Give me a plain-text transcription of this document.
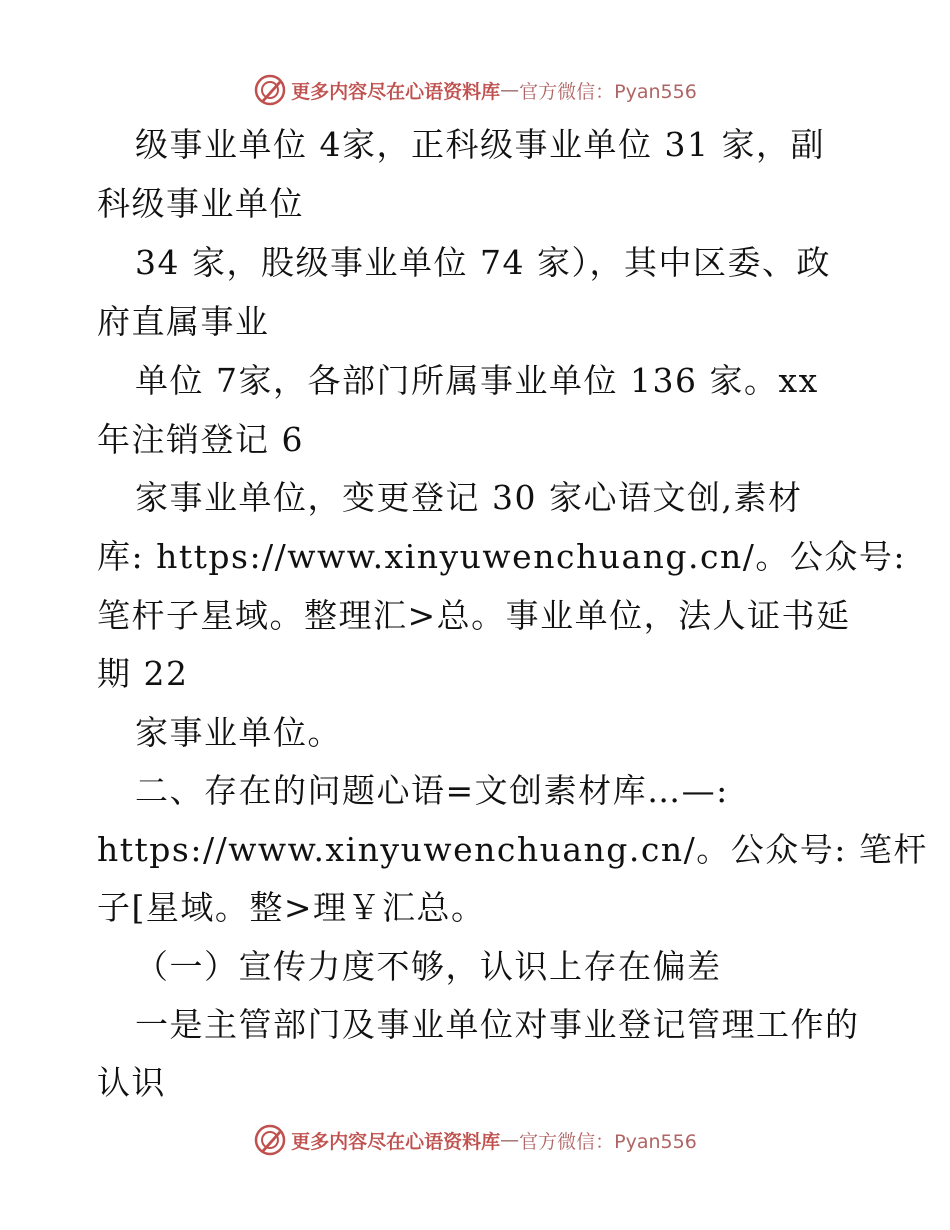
更多内容尽在心语资料库 — 官方微信：Pyan556
级事业单位 4家，正科级事业单位 31 家，副
科级事业单位
34 家，股级事业单位 74 家），其中区委、政
府直属事业
单位 7家，各部门所属事业单位 136 家。xx
年注销登记 6
家事业单位，变更登记 30 家心语文创,素材
库: https://www.xinyuwenchuang.cn/。公众号:
笔杆子星域。整理汇>总。事业单位，法人证书延
期 22
家事业单位。
二、存在的问题心语=文创素材库…—:
https://www.xinyuwenchuang.cn/。公众号: 笔杆
子[星域。整>理￥汇总。
（一）宣传力度不够，认识上存在偏差
一是主管部门及事业单位对事业登记管理工作的
认识
更多内容尽在心语资料库 — 官方微信：Pyan556
